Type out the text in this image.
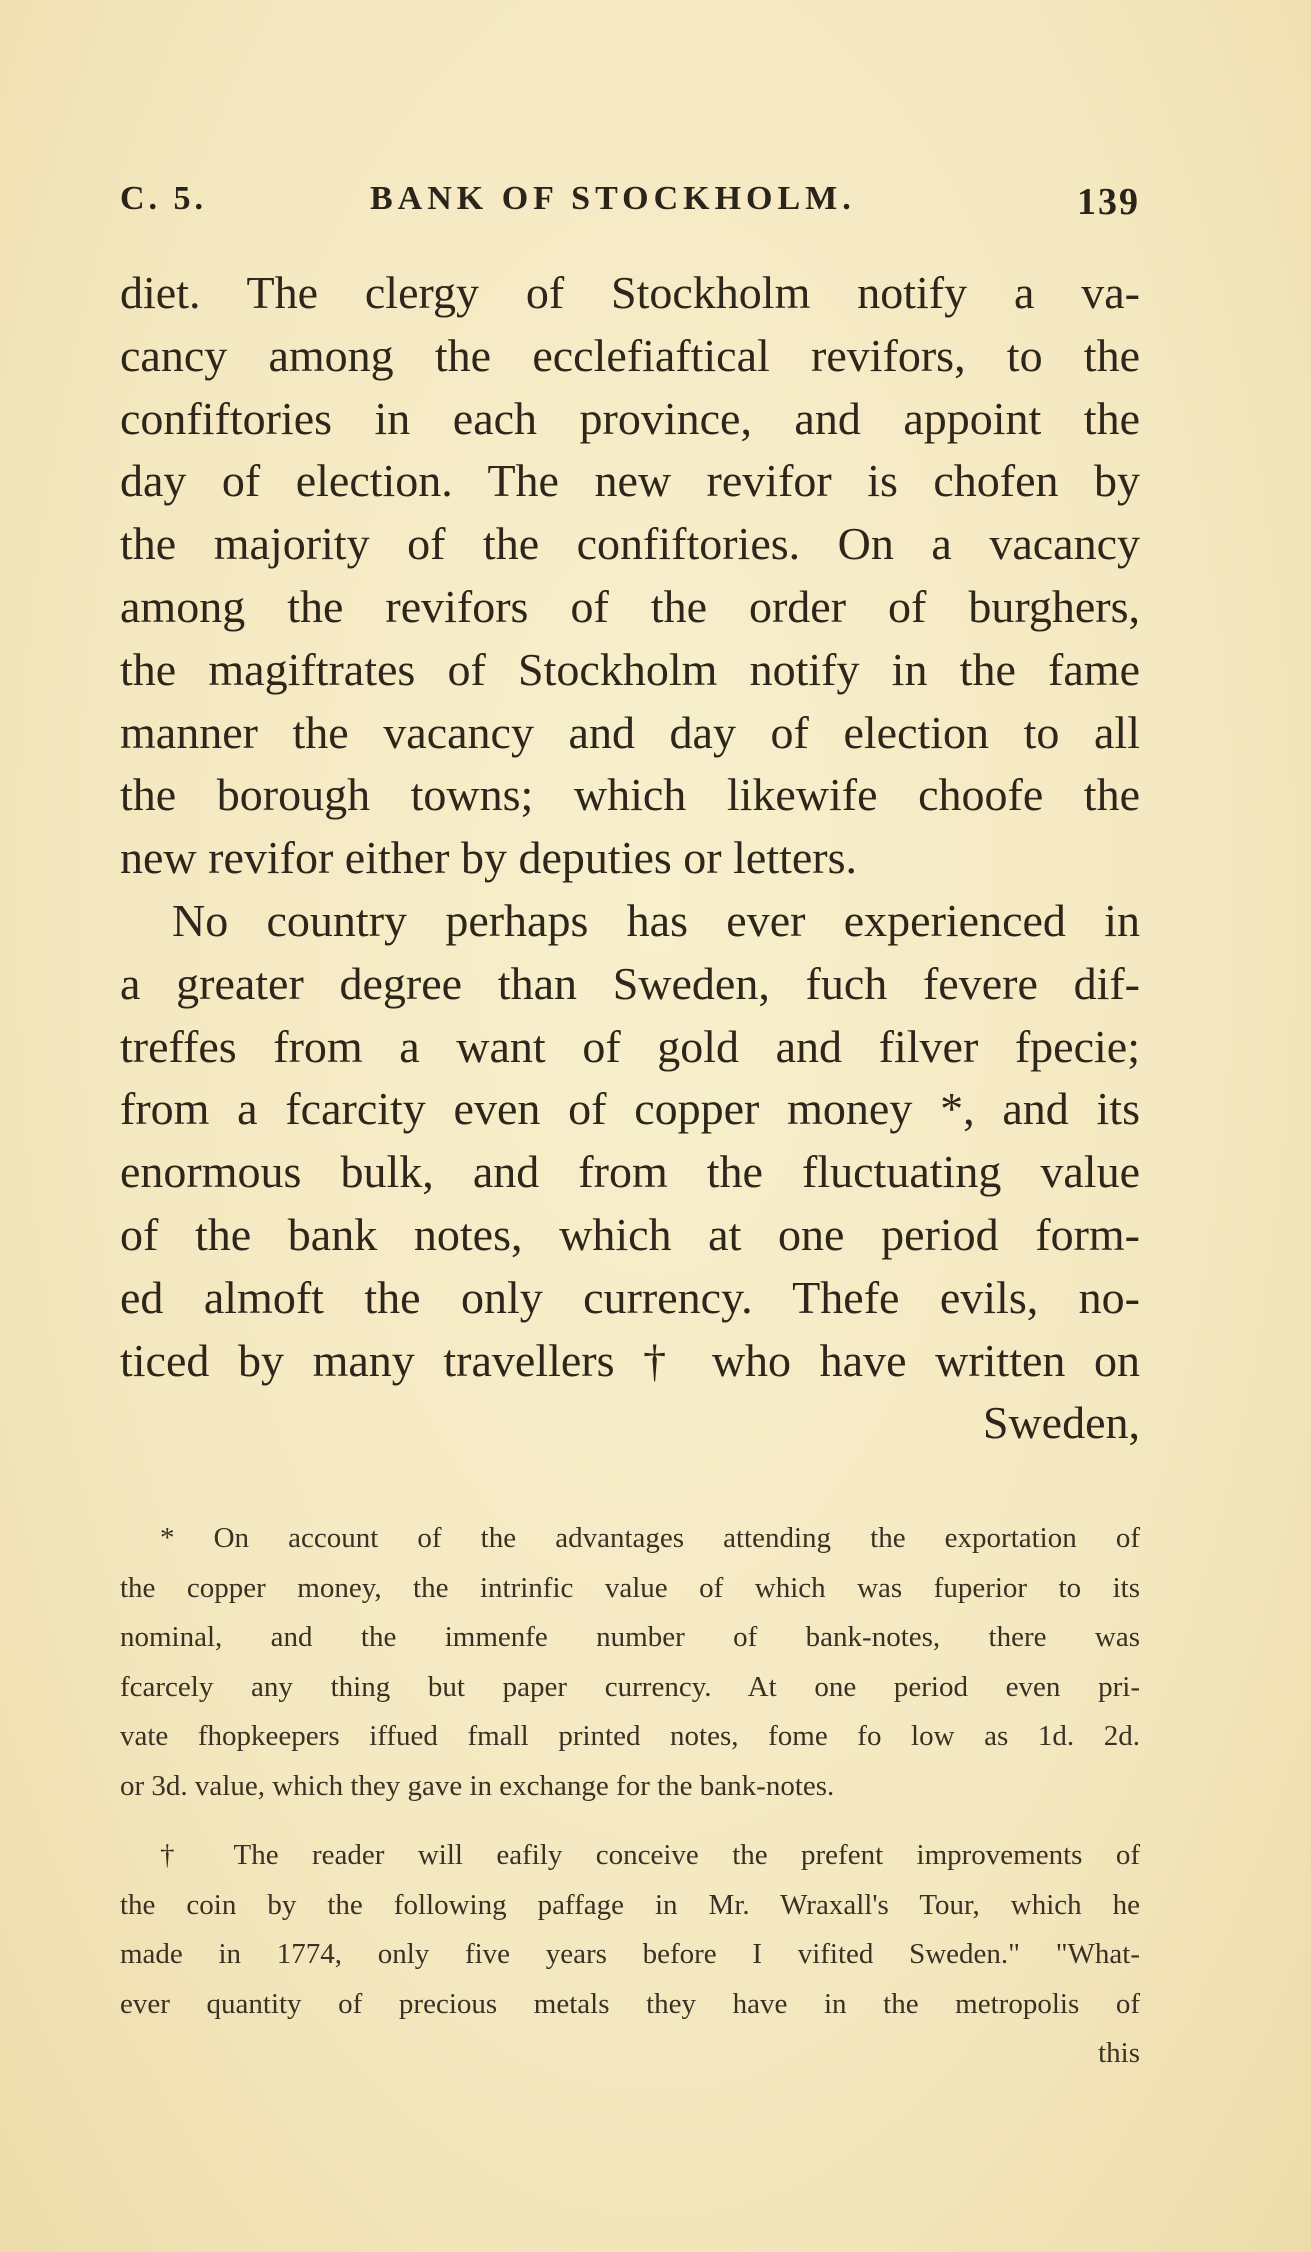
C. 5.	BANK OF STOCKHOLM.	139
diet. The clergy of Stockholm notify a va-
cancy among the ecclefiaftical revifors, to the
confiftories in each province, and appoint the
day of election. The new revifor is chofen by
the majority of the confiftories. On a vacancy
among the revifors of the order of burghers,
the magiftrates of Stockholm notify in the fame
manner the vacancy and day of election to all
the borough towns; which likewife choofe the
new revifor either by deputies or letters.
No country perhaps has ever experienced in
a greater degree than Sweden, fuch fevere dif-
treffes from a want of gold and filver fpecie;
from a fcarcity even of copper money *, and its
enormous bulk, and from the fluctuating value
of the bank notes, which at one period form-
ed almoft the only currency. Thefe evils, no-
ticed by many travellers † who have written on
Sweden,
* On account of the advantages attending the exportation of
the copper money, the intrinfic value of which was fuperior to its
nominal, and the immenfe number of bank-notes, there was
fcarcely any thing but paper currency. At one period even pri-
vate fhopkeepers iffued fmall printed notes, fome fo low as 1d. 2d.
or 3d. value, which they gave in exchange for the bank-notes.
† The reader will eafily conceive the prefent improvements of
the coin by the following paffage in Mr. Wraxall's Tour, which he
made in 1774, only five years before I vifited Sweden." "What-
ever quantity of precious metals they have in the metropolis of
this
